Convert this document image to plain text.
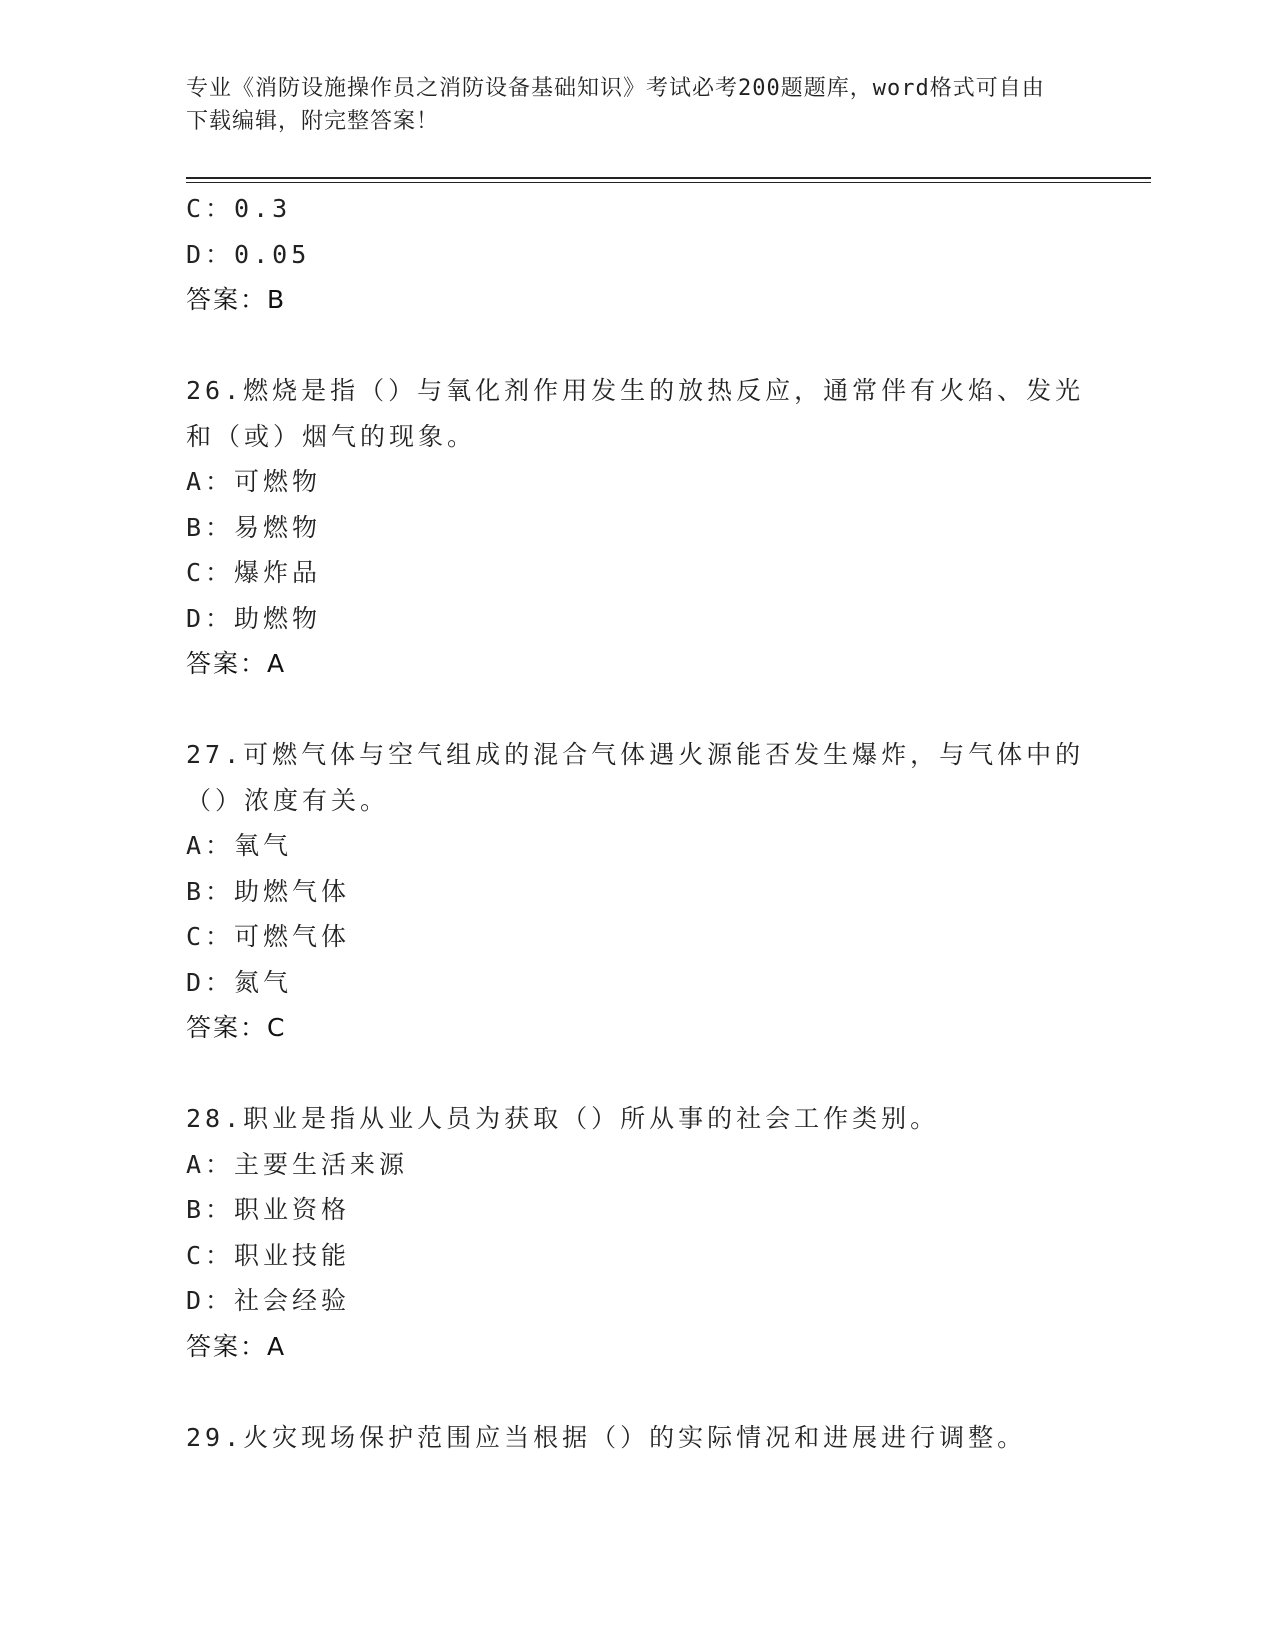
专业《消防设施操作员之消防设备基础知识》考试必考200题题库，word格式可自由下载编辑，附完整答案！
C：0.3
D：0.05
答案：B
26.燃烧是指（）与氧化剂作用发生的放热反应，通常伴有火焰、发光和（或）烟气的现象。
A：可燃物
B：易燃物
C：爆炸品
D：助燃物
答案：A
27.可燃气体与空气组成的混合气体遇火源能否发生爆炸，与气体中的（）浓度有关。
A：氧气
B：助燃气体
C：可燃气体
D：氮气
答案：C
28.职业是指从业人员为获取（）所从事的社会工作类别。
A：主要生活来源
B：职业资格
C：职业技能
D：社会经验
答案：A
29.火灾现场保护范围应当根据（）的实际情况和进展进行调整。
